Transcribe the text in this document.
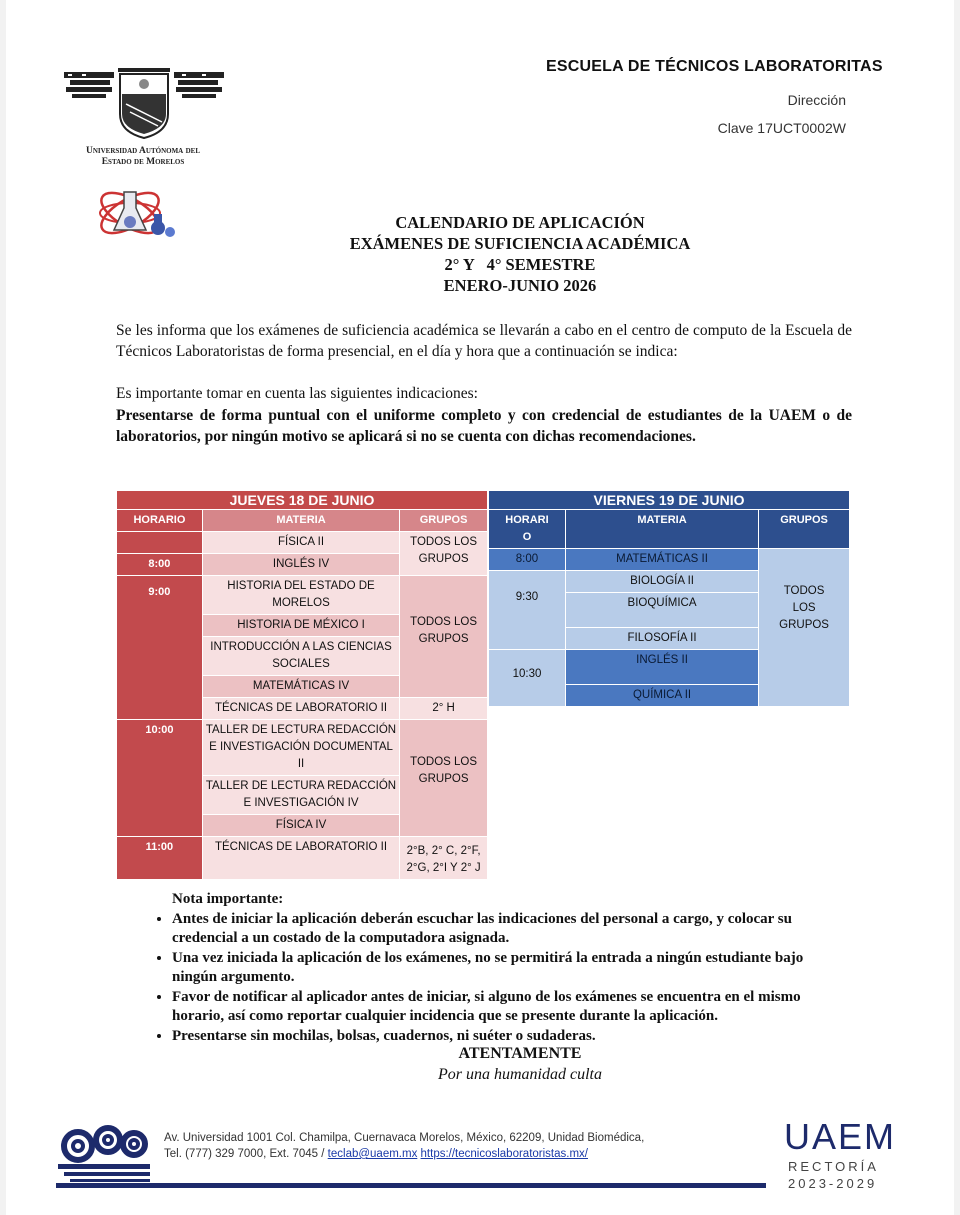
Universidad Autónoma del
Estado de Morelos
ESCUELA DE TÉCNICOS LABORATORITAS
Dirección
Clave 17UCT0002W
CALENDARIO DE APLICACIÓN
EXÁMENES DE SUFICIENCIA ACADÉMICA
2° Y   4° SEMESTRE
ENERO-JUNIO 2026
Se les informa que los exámenes de suficiencia académica se llevarán a cabo en el centro de computo de la Escuela de Técnicos Laboratoristas de forma presencial, en el día y hora que a continuación se indica:
Es importante tomar en cuenta las siguientes indicaciones:
Presentarse de forma puntual con el uniforme completo y con credencial de estudiantes de la UAEM o de laboratorios, por ningún motivo se aplicará si no se cuenta con dichas recomendaciones.
JUEVES 18 DE JUNIO		
HORARIO	MATERIA	GRUPOS
	FÍSICA II	TODOS LOS GRUPOS
8:00	INGLÉS IV	
9:00	HISTORIA DEL ESTADO DE MORELOS	TODOS LOS GRUPOS
	HISTORIA DE MÉXICO I	
	INTRODUCCIÓN A LAS CIENCIAS SOCIALES	
	MATEMÁTICAS IV	
	TÉCNICAS DE LABORATORIO II	2° H
10:00	TALLER DE LECTURA REDACCIÓN E INVESTIGACIÓN DOCUMENTAL II	TODOS LOS GRUPOS
	TALLER DE LECTURA REDACCIÓN E INVESTIGACIÓN IV	
	FÍSICA IV	
11:00	TÉCNICAS DE LABORATORIO II	2°B, 2° C, 2°F, 2°G, 2°I Y 2° J
VIERNES 19 DE JUNIO		
HORARIO	MATERIA	GRUPOS
8:00	MATEMÁTICAS II	TODOS LOS GRUPOS
9:30	BIOLOGÍA II	
	BIOQUÍMICA	
	FILOSOFÍA II	
10:30	INGLÉS II	
	QUÍMICA II	
Nota importante:
• Antes de iniciar la aplicación deberán escuchar las indicaciones del personal a cargo, y colocar su credencial a un costado de la computadora asignada.
• Una vez iniciada la aplicación de los exámenes, no se permitirá la entrada a ningún estudiante bajo ningún argumento.
• Favor de notificar al aplicador antes de iniciar, si alguno de los exámenes se encuentra en el mismo horario, así como reportar cualquier incidencia que se presente durante la aplicación.
• Presentarse sin mochilas, bolsas, cuadernos, ni suéter o sudaderas.
ATENTAMENTE
Por una humanidad culta
Av. Universidad 1001 Col. Chamilpa, Cuernavaca Morelos, México, 62209, Unidad Biomédica,
Tel. (777) 329 7000, Ext. 7045 / teclab@uaem.mx https://tecnicoslaboratoristas.mx/	UAEM
RECTORÍA
2023-2029
